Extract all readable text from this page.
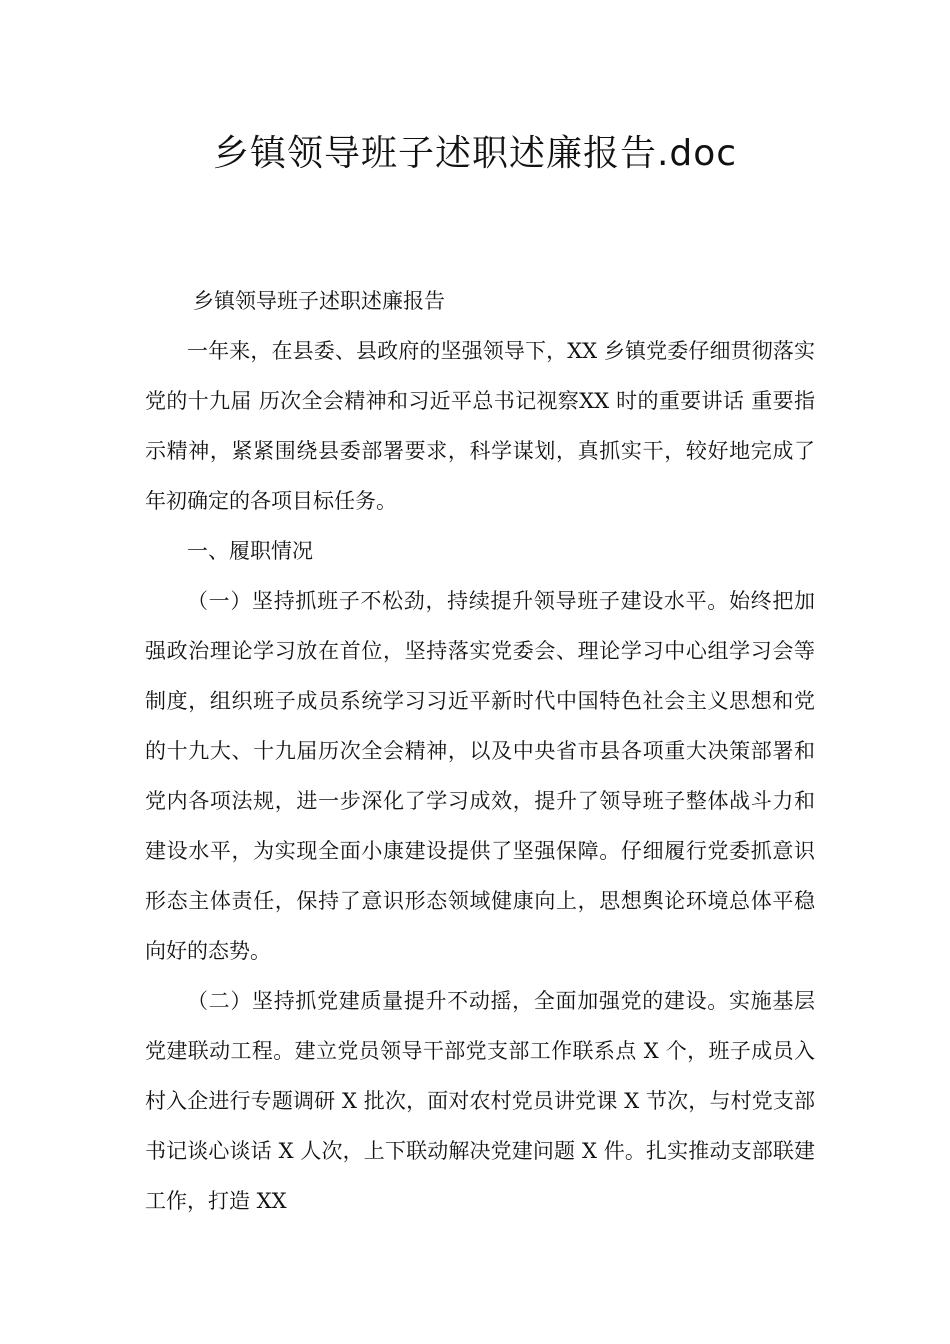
乡镇领导班子述职述廉报告.doc

乡镇领导班子述职述廉报告

一年来，在县委、县政府的坚强领导下，XX 乡镇党委仔细贯彻落实党的十九届 历次全会精神和习近平总书记视察XX 时的重要讲话 重要指示精神，紧紧围绕县委部署要求，科学谋划，真抓实干，较好地完成了年初确定的各项目标任务。

一、履职情况

（一）坚持抓班子不松劲，持续提升领导班子建设水平。始终把加强政治理论学习放在首位，坚持落实党委会、理论学习中心组学习会等制度，组织班子成员系统学习习近平新时代中国特色社会主义思想和党的十九大、十九届历次全会精神，以及中央省市县各项重大决策部署和党内各项法规，进一步深化了学习成效，提升了领导班子整体战斗力和建设水平，为实现全面小康建设提供了坚强保障。仔细履行党委抓意识形态主体责任，保持了意识形态领域健康向上，思想舆论环境总体平稳向好的态势。

（二）坚持抓党建质量提升不动摇，全面加强党的建设。实施基层党建联动工程。建立党员领导干部党支部工作联系点 X 个，班子成员入村入企进行专题调研 X 批次，面对农村党员讲党课 X 节次，与村党支部书记谈心谈话 X 人次，上下联动解决党建问题 X 件。扎实推动支部联建工作，打造 XX
